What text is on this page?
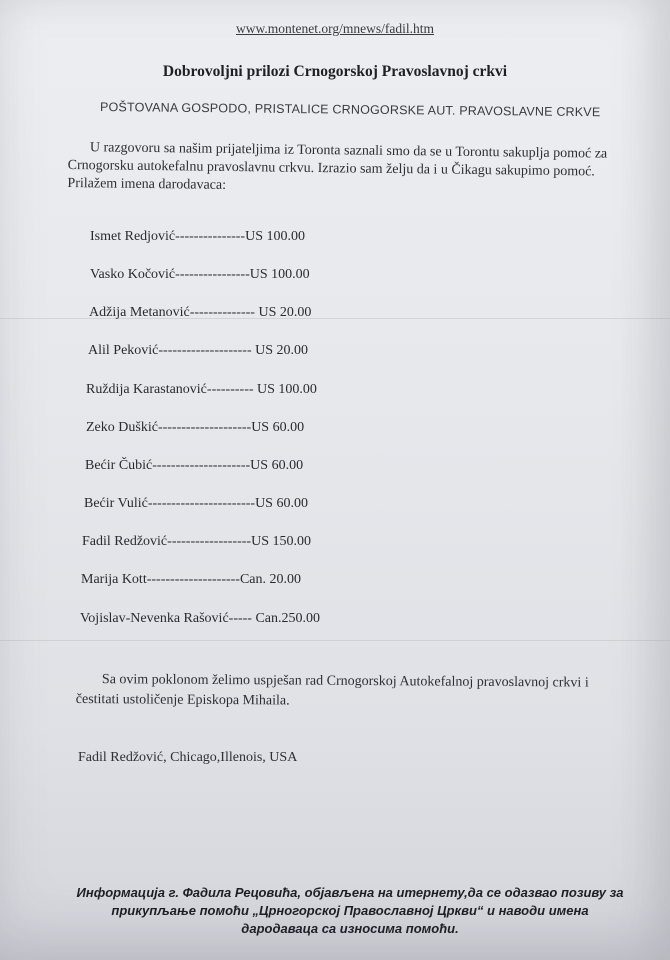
www.montenet.org/mnews/fadil.htm
Dobrovoljni prilozi Crnogorskoj Pravoslavnoj crkvi
POŠTOVANA GOSPODO, PRISTALICE CRNOGORSKE AUT. PRAVOSLAVNE CRKVE
U razgovoru sa našim prijateljima iz Toronta saznali smo da se u Torontu sakuplja pomoć za
Crnogorsku autokefalnu pravoslavnu crkvu. Izrazio sam želju da i u Čikagu sakupimo pomoć.
Prilažem imena darodavaca:
Ismet Redjović---------------US 100.00
Vasko Kočović----------------US 100.00
Adžija Metanović-------------- US 20.00
Alil Peković-------------------- US 20.00
Ruždija Karastanović---------- US 100.00
Zeko Duškić--------------------US 60.00
Bećir Čubić---------------------US 60.00
Bećir Vulić-----------------------US 60.00
Fadil Redžović------------------US 150.00
Marija Kott--------------------Can. 20.00
Vojislav-Nevenka Rašović----- Can.250.00
Sa ovim poklonom želimo uspješan rad Crnogorskoj Autokefalnoj pravoslavnoj crkvi i
čestitati ustoličenje Episkopa Mihaila.
Fadil Redžović, Chicago,Illenois, USA
Информација г. Фадила Рецовића, објављена на итернету,да се одазвао позиву за
прикупљање помоћи „Црногорској Православној Цркви“ и наводи имена
дародаваца са износима помоћи.
